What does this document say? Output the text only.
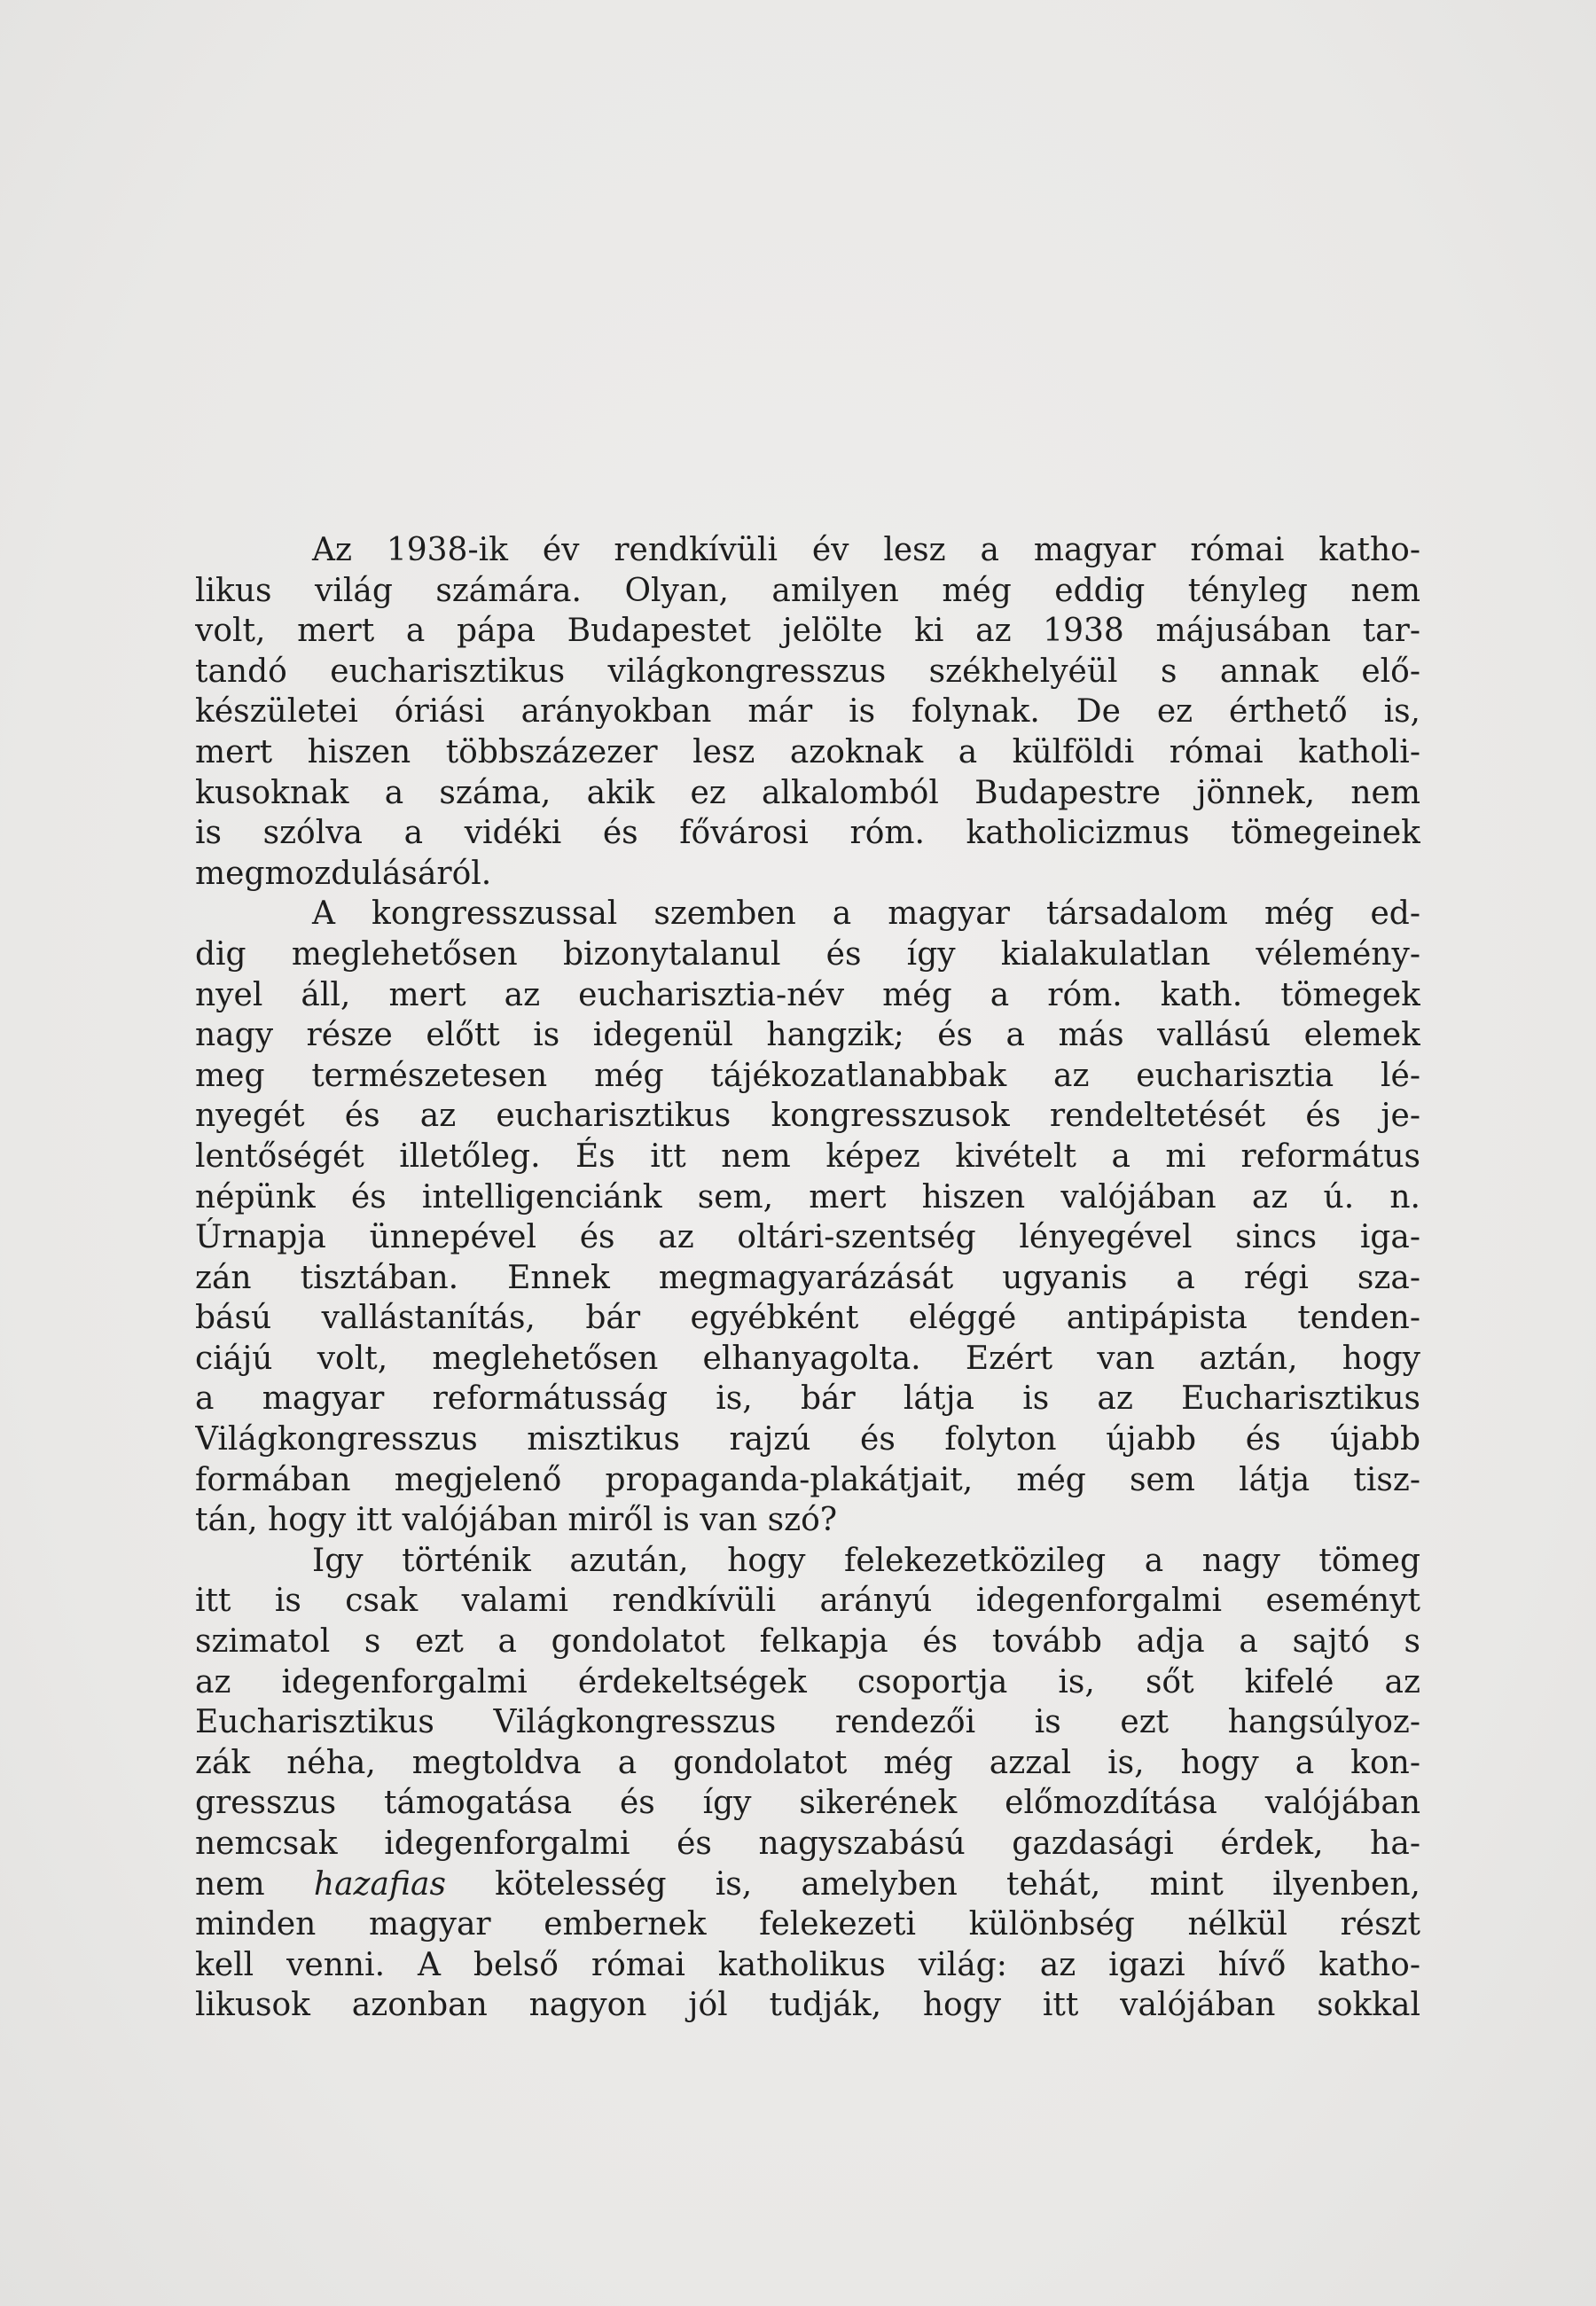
Az 1938-ik év rendkívüli év lesz a magyar római katho-
likus világ számára. Olyan, amilyen még eddig tényleg nem
volt, mert a pápa Budapestet jelölte ki az 1938 májusában tar-
tandó eucharisztikus világkongresszus székhelyéül s annak elő-
készületei óriási arányokban már is folynak. De ez érthető is,
mert hiszen többszázezer lesz azoknak a külföldi római katholi-
kusoknak a száma, akik ez alkalomból Budapestre jönnek, nem
is szólva a vidéki és fővárosi róm. katholicizmus tömegeinek
megmozdulásáról.
A kongresszussal szemben a magyar társadalom még ed-
dig meglehetősen bizonytalanul és így kialakulatlan vélemény-
nyel áll, mert az eucharisztia-név még a róm. kath. tömegek
nagy része előtt is idegenül hangzik; és a más vallású elemek
meg természetesen még tájékozatlanabbak az eucharisztia lé-
nyegét és az eucharisztikus kongresszusok rendeltetését és je-
lentőségét illetőleg. És itt nem képez kivételt a mi református
népünk és intelligenciánk sem, mert hiszen valójában az ú. n.
Úrnapja ünnepével és az oltári-szentség lényegével sincs iga-
zán tisztában. Ennek megmagyarázását ugyanis a régi sza-
bású vallástanítás, bár egyébként eléggé antipápista tenden-
ciájú volt, meglehetősen elhanyagolta. Ezért van aztán, hogy
a magyar reformátusság is, bár látja is az Eucharisztikus
Világkongresszus misztikus rajzú és folyton újabb és újabb
formában megjelenő propaganda-plakátjait, még sem látja tisz-
tán, hogy itt valójában miről is van szó?
Igy történik azután, hogy felekezetközileg a nagy tömeg
itt is csak valami rendkívüli arányú idegenforgalmi eseményt
szimatol s ezt a gondolatot felkapja és tovább adja a sajtó s
az idegenforgalmi érdekeltségek csoportja is, sőt kifelé az
Eucharisztikus Világkongresszus rendezői is ezt hangsúlyoz-
zák néha, megtoldva a gondolatot még azzal is, hogy a kon-
gresszus támogatása és így sikerének előmozdítása valójában
nemcsak idegenforgalmi és nagyszabású gazdasági érdek, ha-
nem hazafias kötelesség is, amelyben tehát, mint ilyenben,
minden magyar embernek felekezeti különbség nélkül részt
kell venni. A belső római katholikus világ: az igazi hívő katho-
likusok azonban nagyon jól tudják, hogy itt valójában sokkal
